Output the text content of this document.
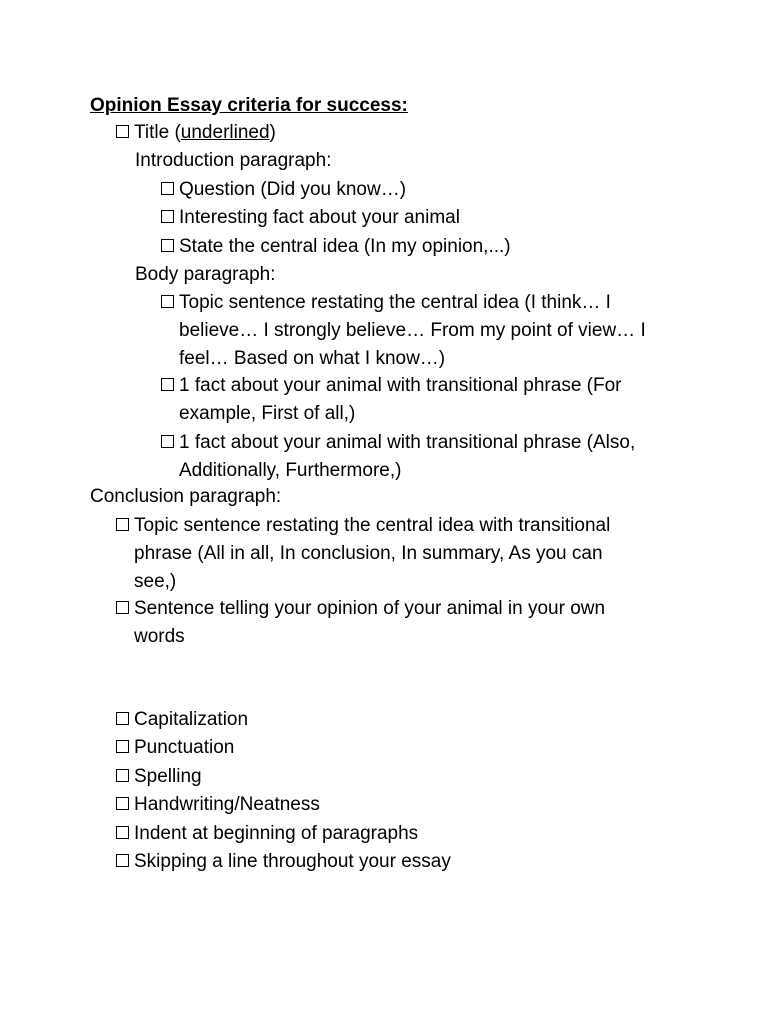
Opinion Essay criteria for success:
Title (underlined)
Introduction paragraph:
Question (Did you know…)
Interesting fact about your animal
State the central idea (In my opinion,...)
Body paragraph:
Topic sentence restating the central idea (I think… I believe… I strongly believe… From my point of view… I feel… Based on what I know…)
1 fact about your animal with transitional phrase (For example, First of all,)
1 fact about your animal with transitional phrase (Also, Additionally, Furthermore,)
Conclusion paragraph:
Topic sentence restating the central idea with transitional phrase (All in all, In conclusion, In summary, As you can see,)
Sentence telling your opinion of your animal in your own words
Capitalization
Punctuation
Spelling
Handwriting/Neatness
Indent at beginning of paragraphs
Skipping a line throughout your essay
